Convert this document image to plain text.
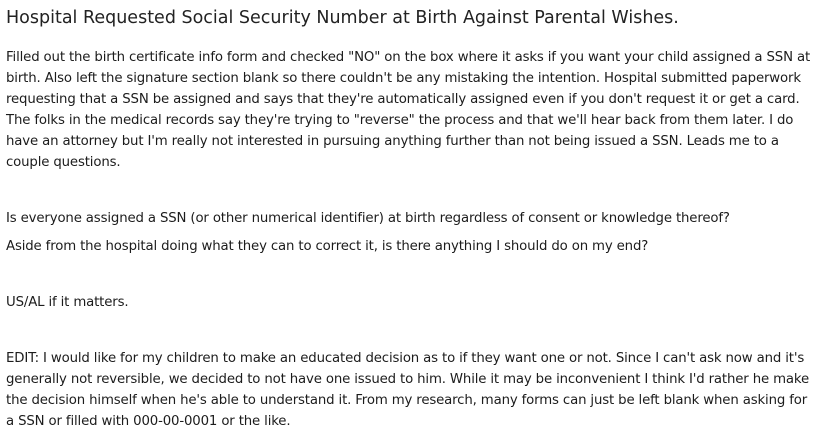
Hospital Requested Social Security Number at Birth Against Parental Wishes.

Filled out the birth certificate info form and checked "NO" on the box where it asks if you want your child assigned a SSN at birth. Also left the signature section blank so there couldn't be any mistaking the intention. Hospital submitted paperwork requesting that a SSN be assigned and says that they're automatically assigned even if you don't request it or get a card. The folks in the medical records say they're trying to "reverse" the process and that we'll hear back from them later. I do have an attorney but I'm really not interested in pursuing anything further than not being issued a SSN. Leads me to a couple questions.

Is everyone assigned a SSN (or other numerical identifier) at birth regardless of consent or knowledge thereof?

Aside from the hospital doing what they can to correct it, is there anything I should do on my end?

US/AL if it matters.

EDIT: I would like for my children to make an educated decision as to if they want one or not. Since I can't ask now and it's generally not reversible, we decided to not have one issued to him. While it may be inconvenient I think I'd rather he make the decision himself when he's able to understand it. From my research, many forms can just be left blank when asking for a SSN or filled with 000-00-0001 or the like.
